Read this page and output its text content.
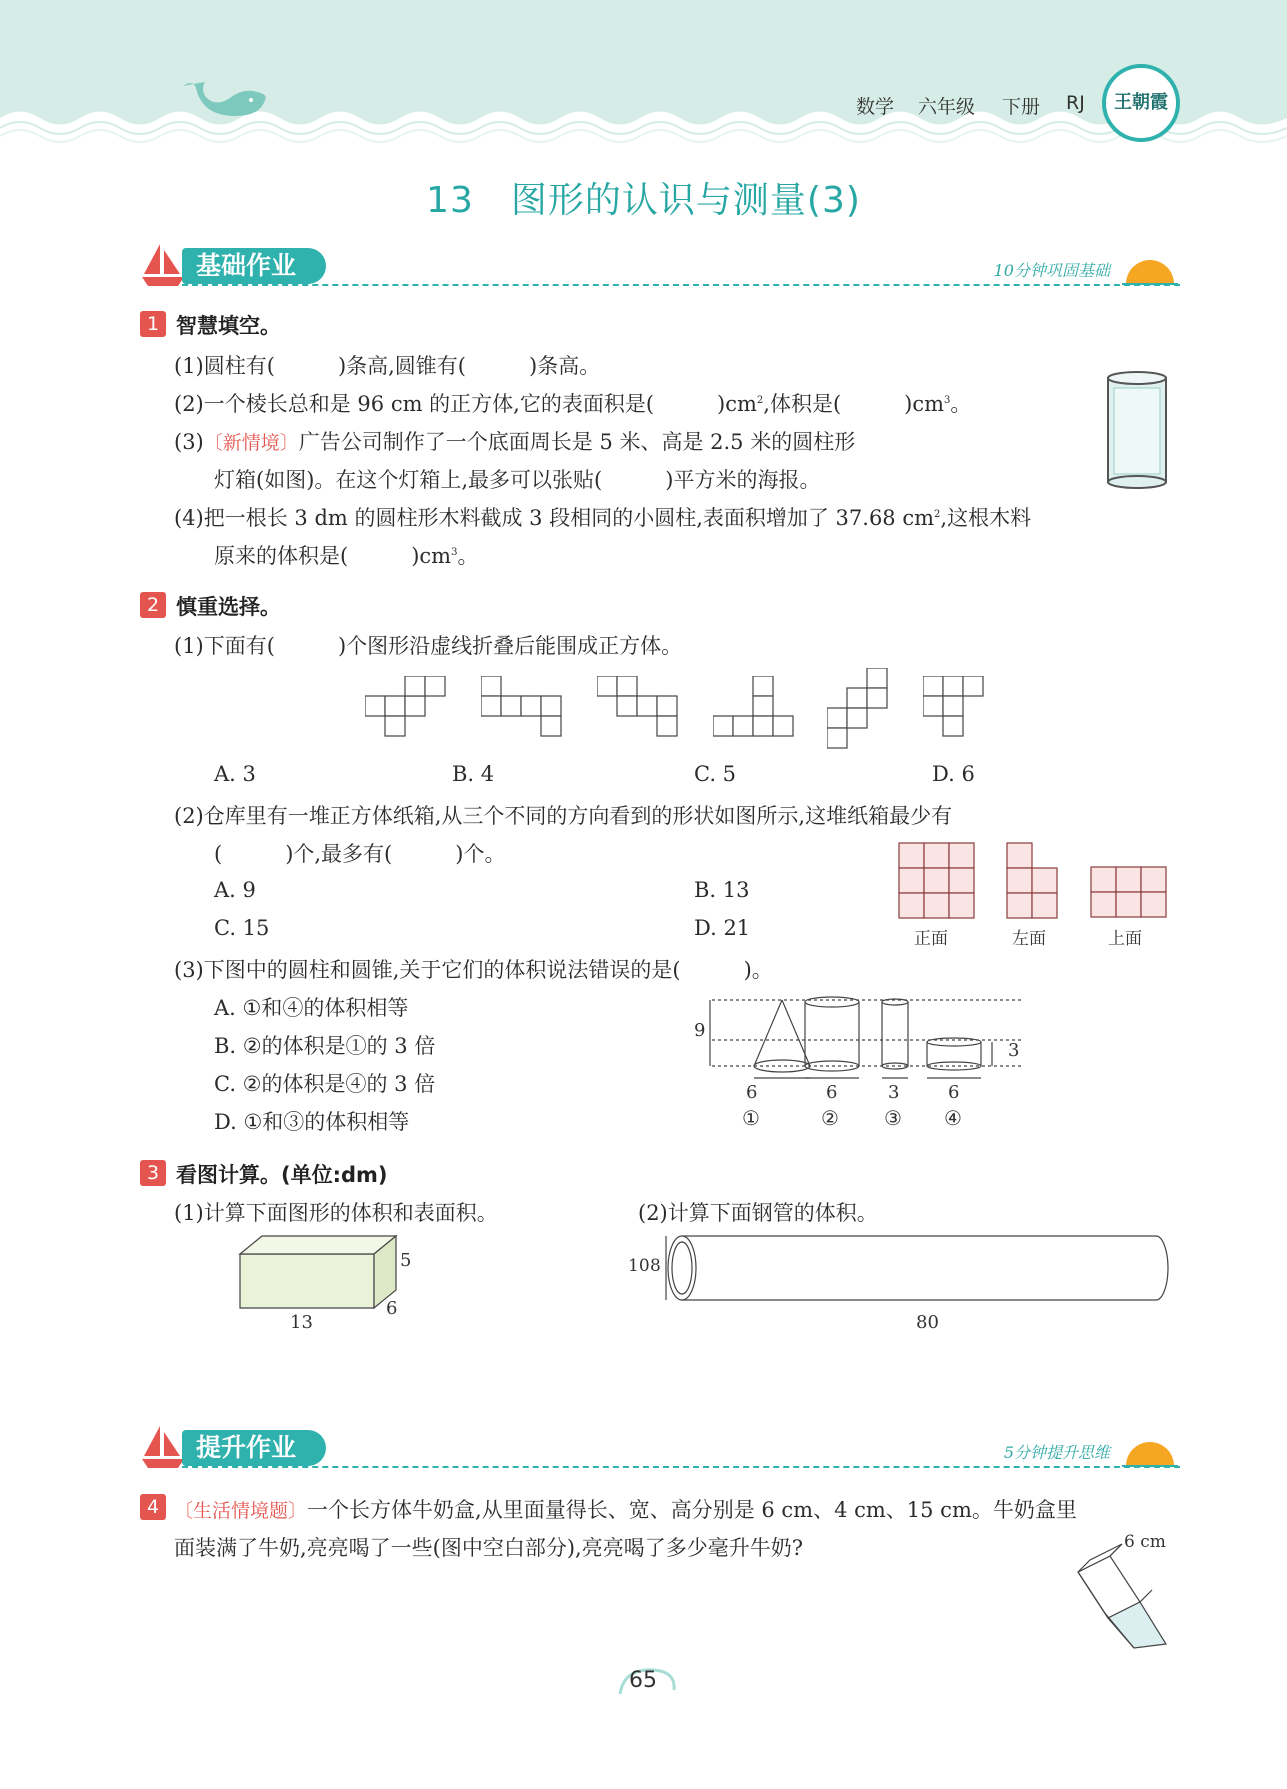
数学 六年级 下册 RJ	王朝霞
13　图形的认识与测量(3)
基础作业	10分钟巩固基础
1 智慧填空。
(1)圆柱有(　　　)条高,圆锥有(　　　)条高。
(2)一个棱长总和是 96 cm 的正方体,它的表面积是(　　　)$cm^2$,体积是(　　　)$cm^3$。
(3)〔新情境〕广告公司制作了一个底面周长是 5 米、高是 2.5 米的圆柱形
灯箱(如图)。在这个灯箱上,最多可以张贴(　　　)平方米的海报。
(4)把一根长 3 dm 的圆柱形木料截成 3 段相同的小圆柱,表面积增加了 37.68 $cm^2$,这根木料
原来的体积是(　　　)$cm^3$。
2 慎重选择。
(1)下面有(　　　)个图形沿虚线折叠后能围成正方体。
A. 3	B. 4	C. 5	D. 6
(2)仓库里有一堆正方体纸箱,从三个不同的方向看到的形状如图所示,这堆纸箱最少有
(　　　)个,最多有(　　　)个。
A. 9	B. 13
C. 15	D. 21	正面	左面	上面
(3)下图中的圆柱和圆锥,关于它们的体积说法错误的是(　　　)。
A. ①和④的体积相等
B. ②的体积是①的 3 倍
C. ②的体积是④的 3 倍
D. ①和③的体积相等
9
3
6	6	3	6
①	② ③ ④
3 看图计算。(单位:dm)
(1)计算下面图形的体积和表面积。	(2)计算下面钢管的体积。
5
6
13
10 8
80
提升作业	5分钟提升思维
4 〔生活情境题〕一个长方体牛奶盒,从里面量得长、宽、高分别是 6 cm、4 cm、15 cm。牛奶盒里
面装满了牛奶,亮亮喝了一些(图中空白部分),亮亮喝了多少毫升牛奶?	6 cm
65
